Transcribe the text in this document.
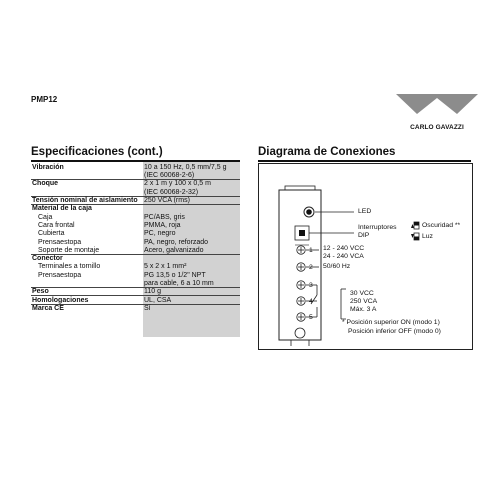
PMP12
CARLO GAVAZZI
Especificaciones (cont.)
Vibración	10 a 150 Hz, 0,5 mm/7,5 g
(IEC 60068-2-6)
Choque	2 x 1 m y 100 x 0,5 m
(IEC 60068-2-32)
Tensión nominal de aislamiento 250 VCA (rms)
Material de la caja
Caja	PC/ABS, gris
Cara frontal	PMMA, roja
Cubierta	PC, negro
Prensaestopa	PA, negro, reforzado
Soporte de montaje	Acero, galvanizado
Conector
Terminales a tornillo	5 x 2 x 1 mm²
Prensaestopa	PG 13,5 o 1/2" NPT
para cable, 6 a 10 mm
Peso	110 g
Homologaciones	UL, CSA
Marca CE	Sí
Diagrama de Conexiones
LED
Interruptores
DIP
Oscuridad **
Luz
1
2
3
4
5
12 - 240 VCC
24 - 240 VCA
50/60 Hz
30 VCC
250 VCA
Máx. 3 A
* Posición superior ON (modo 1)
Posición inferior OFF (modo 0)
